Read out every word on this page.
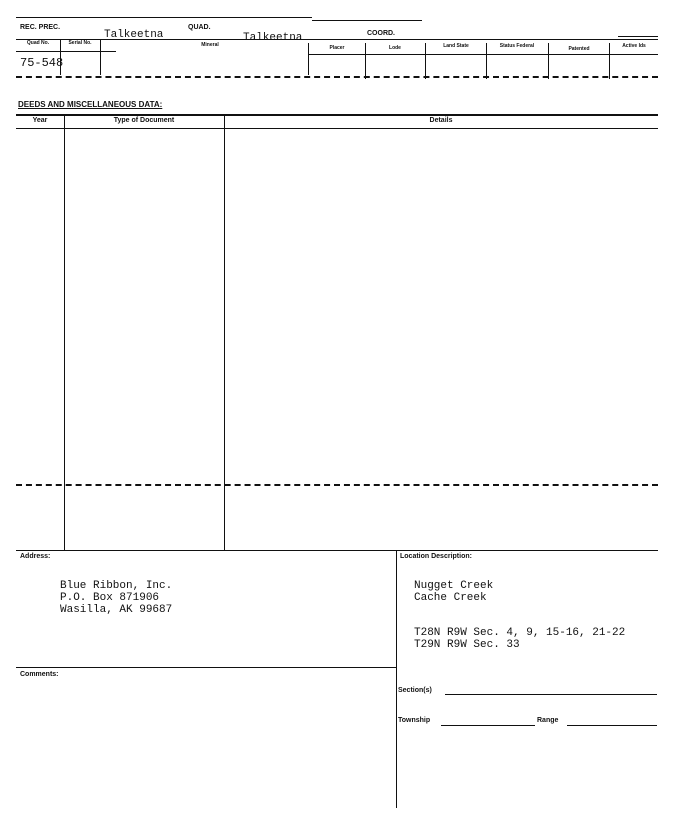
REC. PREC.
Talkeetna
QUAD.
Talkeetna	COORD.
Quad No.	Serial No.	Mineral	Placer	Lode	Land State	Status Federal	Patented	Active Ids
75-548
DEEDS AND MISCELLANEOUS DATA:
Year	Type of Document	Details
Address:
Blue Ribbon, Inc.
P.O. Box 871906
Wasilla, AK 99687
Location Description:
Nugget Creek
Cache Creek
T28N R9W Sec. 4, 9, 15-16, 21-22
T29N R9W Sec. 33
Comments:
Section(s)
Township	Range
